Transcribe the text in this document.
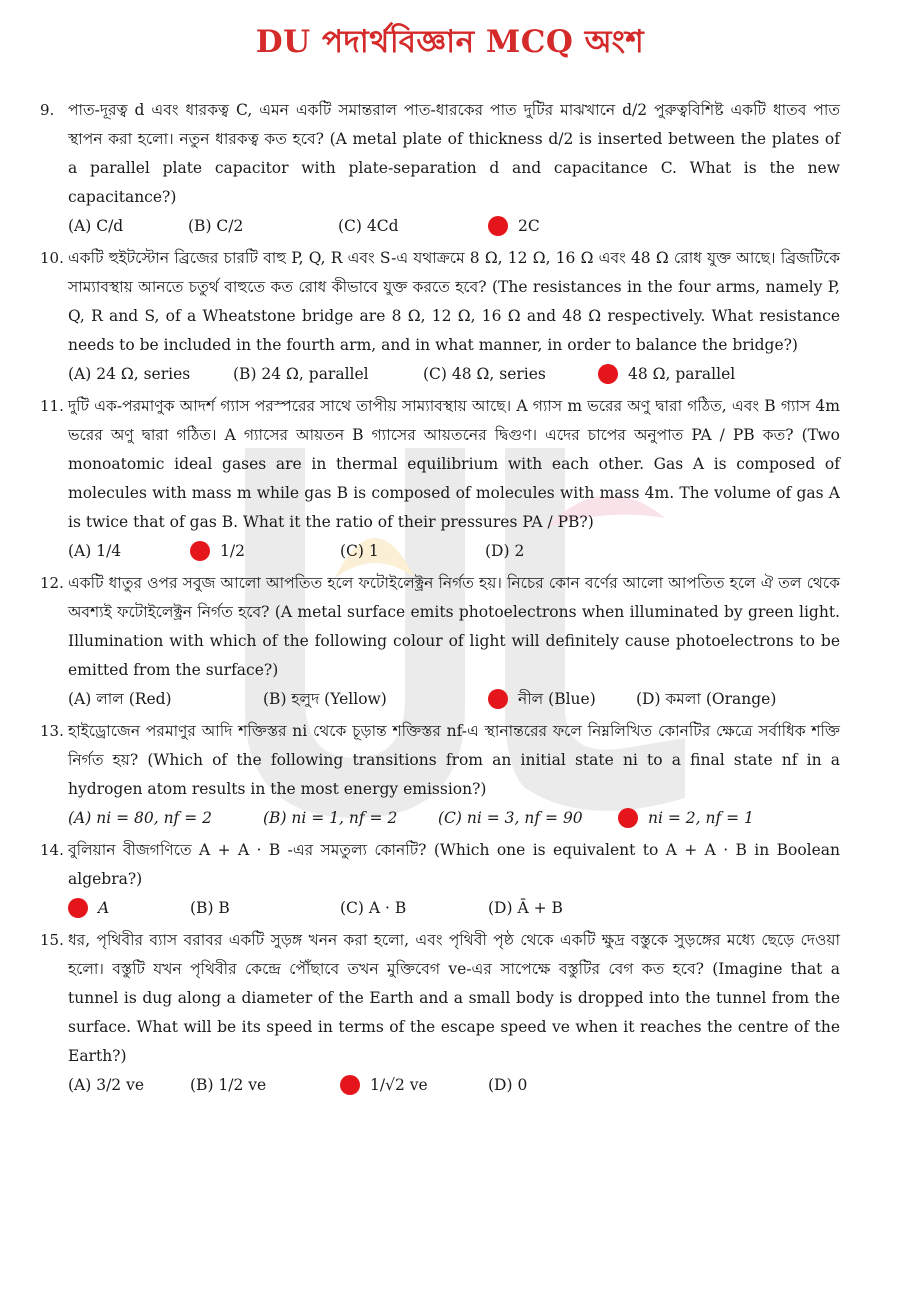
DU পদার্থবিজ্ঞান MCQ অংশ
9. পাত-দূরত্ব d এবং ধারকত্ব C, এমন একটি সমান্তরাল পাত-ধারকের পাত দুটির মাঝখানে d/2 পুরুত্ববিশিষ্ট একটি ধাতব পাত স্থাপন করা হলো। নতুন ধারকত্ব কত হবে? (A metal plate of thickness d/2 is inserted between the plates of a parallel plate capacitor with plate-separation d and capacitance C. What is the new capacitance?)
(A) C/d	(B) C/2	(C) 4Cd	2C
10. একটি হুইটস্টোন ব্রিজের চারটি বাহু P, Q, R এবং S-এ যথাক্রমে 8 Ω, 12 Ω, 16 Ω এবং 48 Ω রোধ যুক্ত আছে। ব্রিজটিকে সাম্যাবস্থায় আনতে চতুর্থ বাহুতে কত রোধ কীভাবে যুক্ত করতে হবে? (The resistances in the four arms, namely P, Q, R and S, of a Wheatstone bridge are 8 Ω, 12 Ω, 16 Ω and 48 Ω respectively. What resistance needs to be included in the fourth arm, and in what manner, in order to balance the bridge?)
(A) 24 Ω, series	(B) 24 Ω, parallel	(C) 48 Ω, series	48 Ω, parallel
11. দুটি এক-পরমাণুক আদর্শ গ্যাস পরস্পরের সাথে তাপীয় সাম্যাবস্থায় আছে। A গ্যাস m ভরের অণু দ্বারা গঠিত, এবং B গ্যাস 4m ভরের অণু দ্বারা গঠিত। A গ্যাসের আয়তন B গ্যাসের আয়তনের দ্বিগুণ। এদের চাপের অনুপাত PA / PB কত? (Two monoatomic ideal gases are in thermal equilibrium with each other. Gas A is composed of molecules with mass m while gas B is composed of molecules with mass 4m. The volume of gas A is twice that of gas B. What it the ratio of their pressures PA / PB?)
(A) 1/4	1/2	(C) 1	(D) 2
12. একটি ধাতুর ওপর সবুজ আলো আপতিত হলে ফটোইলেক্ট্রন নির্গত হয়। নিচের কোন বর্ণের আলো আপতিত হলে ঐ তল থেকে অবশ্যই ফটোইলেক্ট্রন নির্গত হবে? (A metal surface emits photoelectrons when illuminated by green light. Illumination with which of the following colour of light will definitely cause photoelectrons to be emitted from the surface?)
(A) লাল (Red)	(B) হলুদ (Yellow)	নীল (Blue)	(D) কমলা (Orange)
13. হাইড্রোজেন পরমাণুর আদি শক্তিস্তর ni থেকে চূড়ান্ত শক্তিস্তর nf-এ স্থানান্তরের ফলে নিম্নলিখিত কোনটির ক্ষেত্রে সর্বাধিক শক্তি নির্গত হয়? (Which of the following transitions from an initial state ni to a final state nf in a hydrogen atom results in the most energy emission?)
(A) ni = 80, nf = 2	(B) ni = 1, nf = 2	(C) ni = 3, nf = 90	ni = 2, nf = 1
14. বুলিয়ান বীজগণিতে A + A · B -এর সমতুল্য কোনটি? (Which one is equivalent to A + A · B in Boolean algebra?)
A	(B) B	(C) A · B	(D) Ā + B
15. ধর, পৃথিবীর ব্যাস বরাবর একটি সুড়ঙ্গ খনন করা হলো, এবং পৃথিবী পৃষ্ঠ থেকে একটি ক্ষুদ্র বস্তুকে সুড়ঙ্গের মধ্যে ছেড়ে দেওয়া হলো। বস্তুটি যখন পৃথিবীর কেন্দ্রে পৌঁছাবে তখন মুক্তিবেগ ve-এর সাপেক্ষে বস্তুটির বেগ কত হবে? (Imagine that a tunnel is dug along a diameter of the Earth and a small body is dropped into the tunnel from the surface. What will be its speed in terms of the escape speed ve when it reaches the centre of the Earth?)
(A) 3/2 ve	(B) 1/2 ve	1/√2 ve	(D) 0
